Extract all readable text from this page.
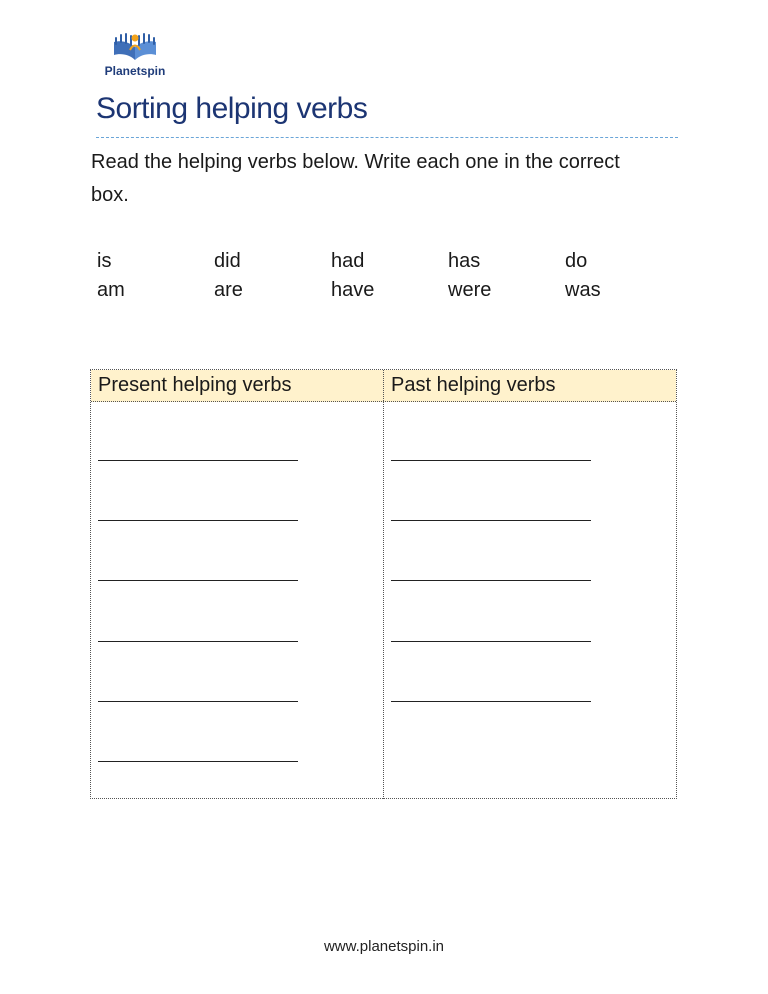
Planetspin
Sorting helping verbs

Read the helping verbs below. Write each one in the correct box.

is	did	had	has	do
am	are	have	were	was
Present helping verbs	Past helping verbs
www.planetspin.in
